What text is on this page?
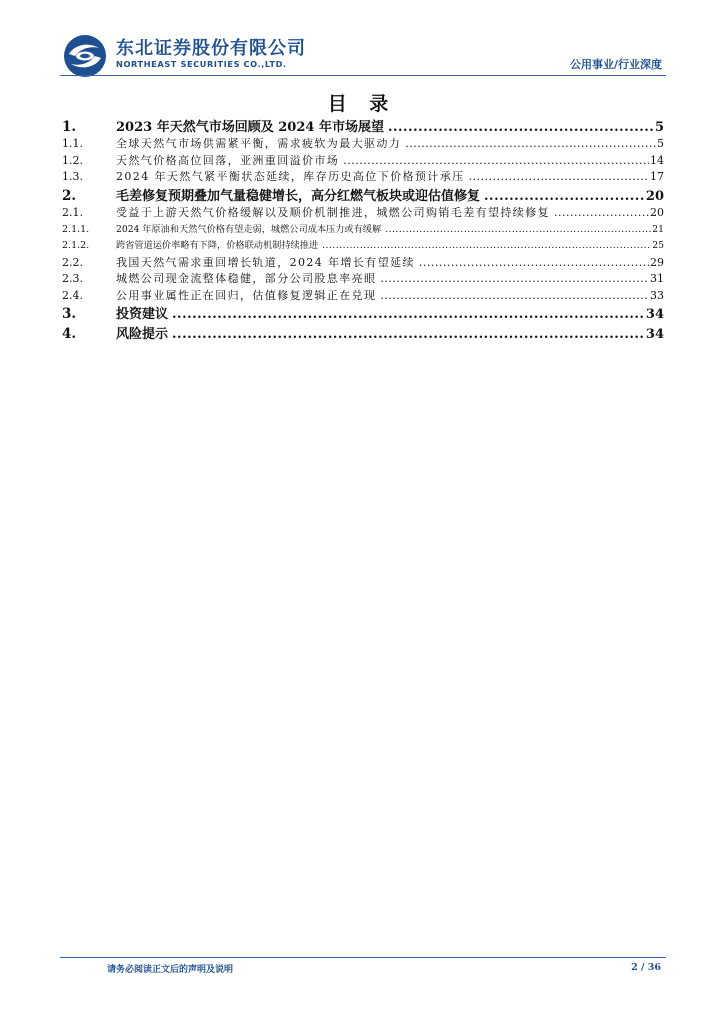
东北证券股份有限公司
NORTHEAST SECURITIES CO.,LTD.	公用事业/行业深度
目 录
1.	2023 年天然气市场回顾及 2024 年市场展望 .....	5
1.1.	全球天然气市场供需紧平衡，需求疲软为最大驱动力 .....	5
1.2.	天然气价格高位回落，亚洲重回溢价市场 .....	14
1.3.	2024 年天然气紧平衡状态延续，库存历史高位下价格预计承压 .....	17
2.	毛差修复预期叠加气量稳健增长，高分红燃气板块或迎估值修复 .....	20
2.1.	受益于上游天然气价格缓解以及顺价机制推进，城燃公司购销毛差有望持续修复 .....	20
2.1.1.	2024 年原油和天然气价格有望走弱，城燃公司成本压力或有缓解 .....	21
2.1.2.	跨省管道运价率略有下降，价格联动机制持续推进 .....	25
2.2.	我国天然气需求重回增长轨道，2024 年增长有望延续 .....	29
2.3.	城燃公司现金流整体稳健，部分公司股息率亮眼 .....	31
2.4.	公用事业属性正在回归，估值修复逻辑正在兑现 .....	33
3.	投资建议 .....	34
4.	风险提示 .....	34
请务必阅读正文后的声明及说明	2 / 36
